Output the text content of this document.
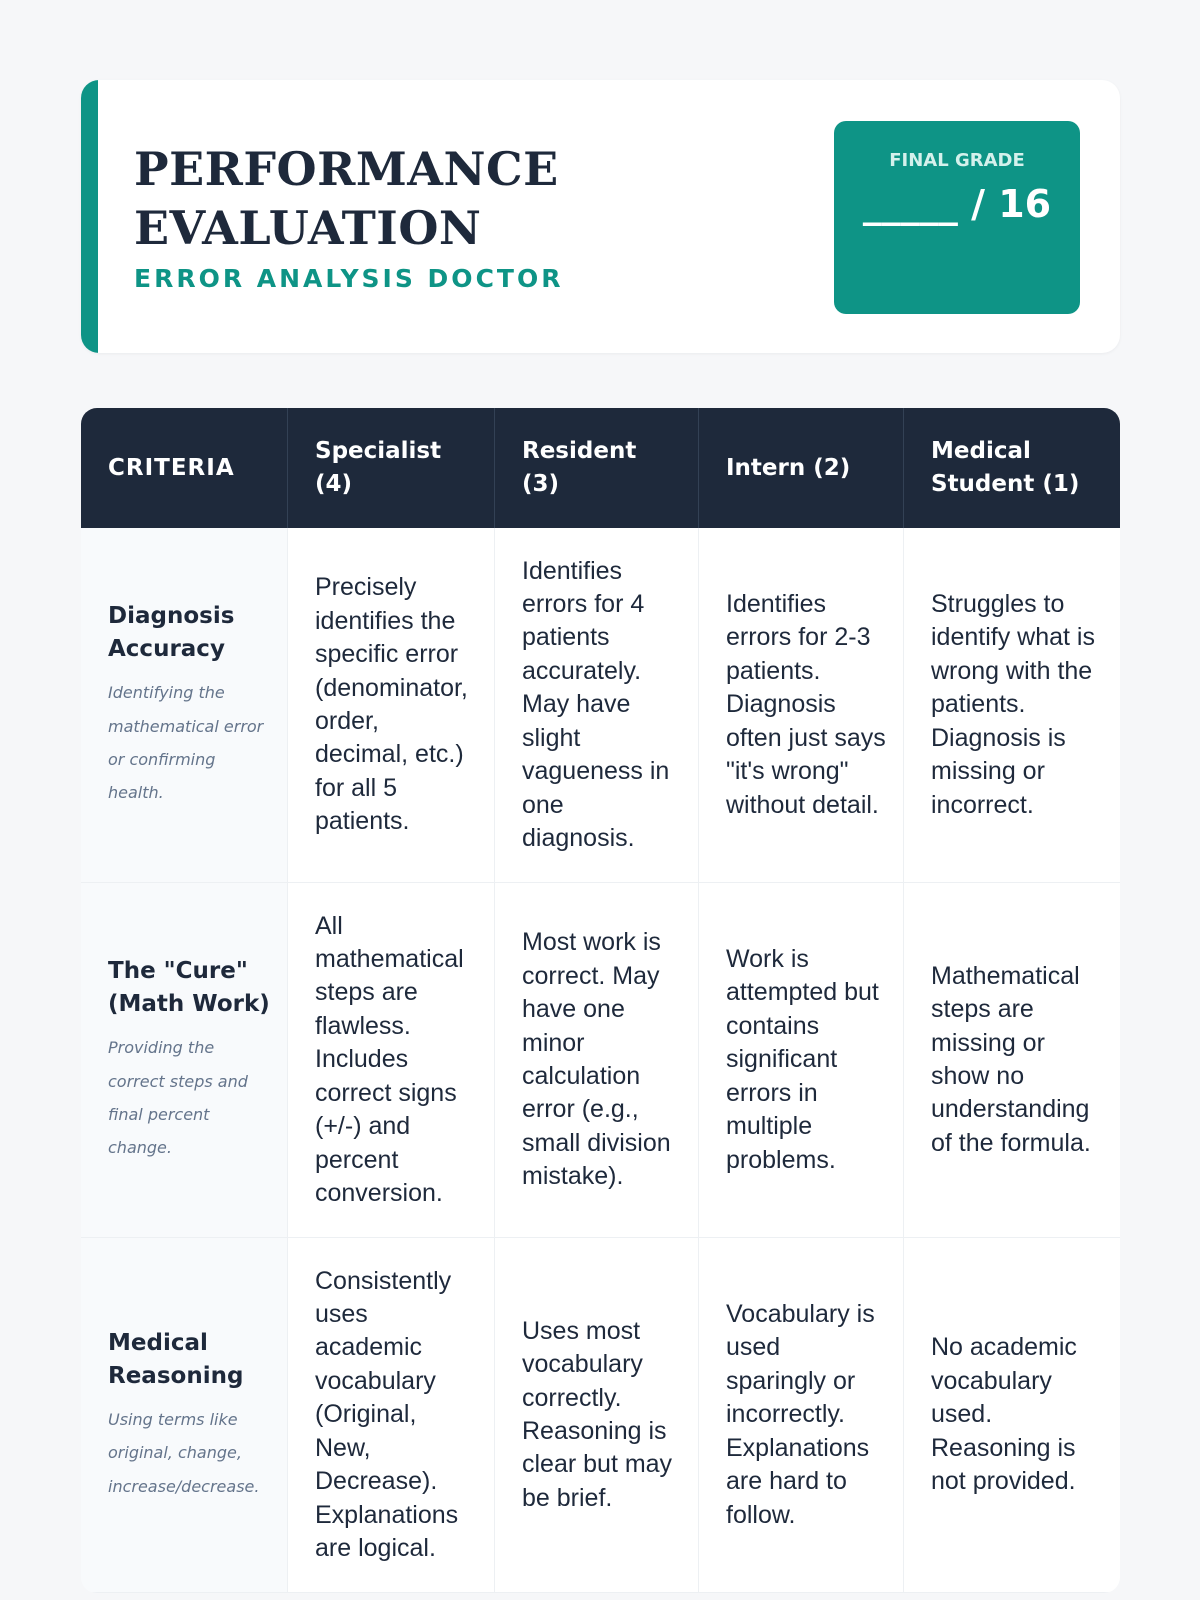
PERFORMANCE
EVALUATION
ERROR ANALYSIS DOCTOR
FINAL GRADE
_____ / 16
CRITERIA	Specialist (4)	Resident (3)	Intern (2)	Medical Student (1)

Diagnosis Accuracy
Identifying the mathematical error or confirming health.	Precisely identifies the specific error (denominator, order, decimal, etc.) for all 5 patients.	Identifies errors for 4 patients accurately. May have slight vagueness in one diagnosis.	Identifies errors for 2-3 patients. Diagnosis often just says "it's wrong" without detail.	Struggles to identify what is wrong with the patients. Diagnosis is missing or incorrect.

The "Cure" (Math Work)
Providing the correct steps and final percent change.	All mathematical steps are flawless. Includes correct signs (+/-) and percent conversion.	Most work is correct. May have one minor calculation error (e.g., small division mistake).	Work is attempted but contains significant errors in multiple problems.	Mathematical steps are missing or show no understanding of the formula.

Medical Reasoning
Using terms like original, change, increase/decrease.	Consistently uses academic vocabulary (Original, New, Decrease). Explanations are logical.	Uses most vocabulary correctly. Reasoning is clear but may be brief.	Vocabulary is used sparingly or incorrectly. Explanations are hard to follow.	No academic vocabulary used. Reasoning is not provided.
